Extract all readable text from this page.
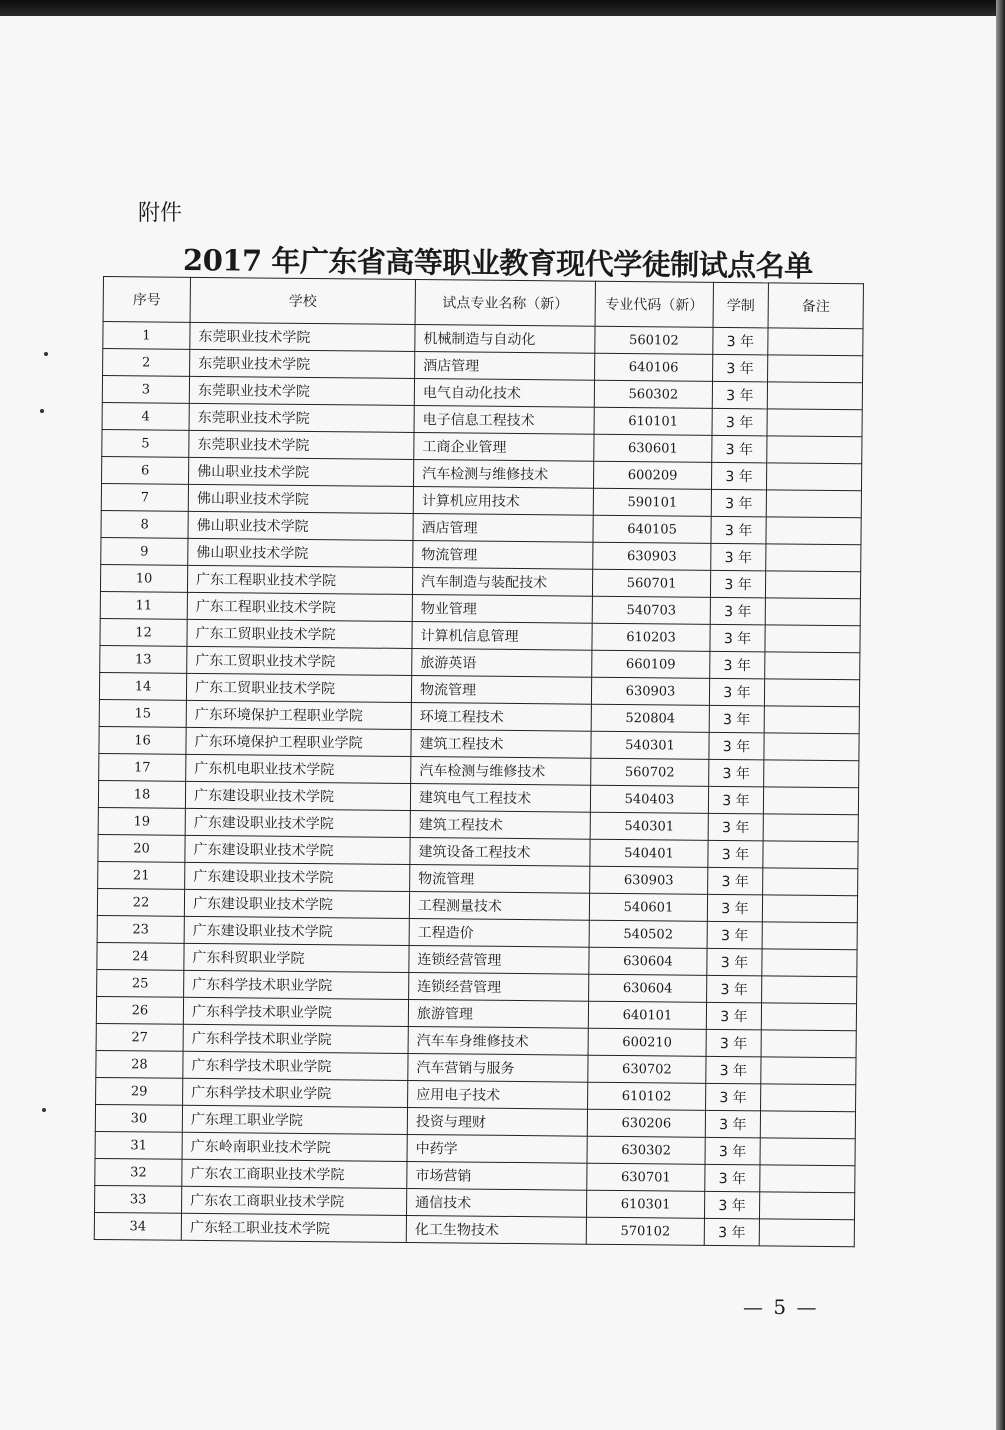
附件
2017 年广东省高等职业教育现代学徒制试点名单
序号	学校	试点专业名称（新）	专业代码（新）	学制	备注
1	东莞职业技术学院	机械制造与自动化	560102	3 年	
2	东莞职业技术学院	酒店管理	640106	3 年	
3	东莞职业技术学院	电气自动化技术	560302	3 年	
4	东莞职业技术学院	电子信息工程技术	610101	3 年	
5	东莞职业技术学院	工商企业管理	630601	3 年	
6	佛山职业技术学院	汽车检测与维修技术	600209	3 年	
7	佛山职业技术学院	计算机应用技术	590101	3 年	
8	佛山职业技术学院	酒店管理	640105	3 年	
9	佛山职业技术学院	物流管理	630903	3 年	
10	广东工程职业技术学院	汽车制造与装配技术	560701	3 年	
11	广东工程职业技术学院	物业管理	540703	3 年	
12	广东工贸职业技术学院	计算机信息管理	610203	3 年	
13	广东工贸职业技术学院	旅游英语	660109	3 年	
14	广东工贸职业技术学院	物流管理	630903	3 年	
15	广东环境保护工程职业学院	环境工程技术	520804	3 年	
16	广东环境保护工程职业学院	建筑工程技术	540301	3 年	
17	广东机电职业技术学院	汽车检测与维修技术	560702	3 年	
18	广东建设职业技术学院	建筑电气工程技术	540403	3 年	
19	广东建设职业技术学院	建筑工程技术	540301	3 年	
20	广东建设职业技术学院	建筑设备工程技术	540401	3 年	
21	广东建设职业技术学院	物流管理	630903	3 年	
22	广东建设职业技术学院	工程测量技术	540601	3 年	
23	广东建设职业技术学院	工程造价	540502	3 年	
24	广东科贸职业学院	连锁经营管理	630604	3 年	
25	广东科学技术职业学院	连锁经营管理	630604	3 年	
26	广东科学技术职业学院	旅游管理	640101	3 年	
27	广东科学技术职业学院	汽车车身维修技术	600210	3 年	
28	广东科学技术职业学院	汽车营销与服务	630702	3 年	
29	广东科学技术职业学院	应用电子技术	610102	3 年	
30	广东理工职业学院	投资与理财	630206	3 年	
31	广东岭南职业技术学院	中药学	630302	3 年	
32	广东农工商职业技术学院	市场营销	630701	3 年	
33	广东农工商职业技术学院	通信技术	610301	3 年	
34	广东轻工职业技术学院	化工生物技术	570102	3 年	
— 5 —
